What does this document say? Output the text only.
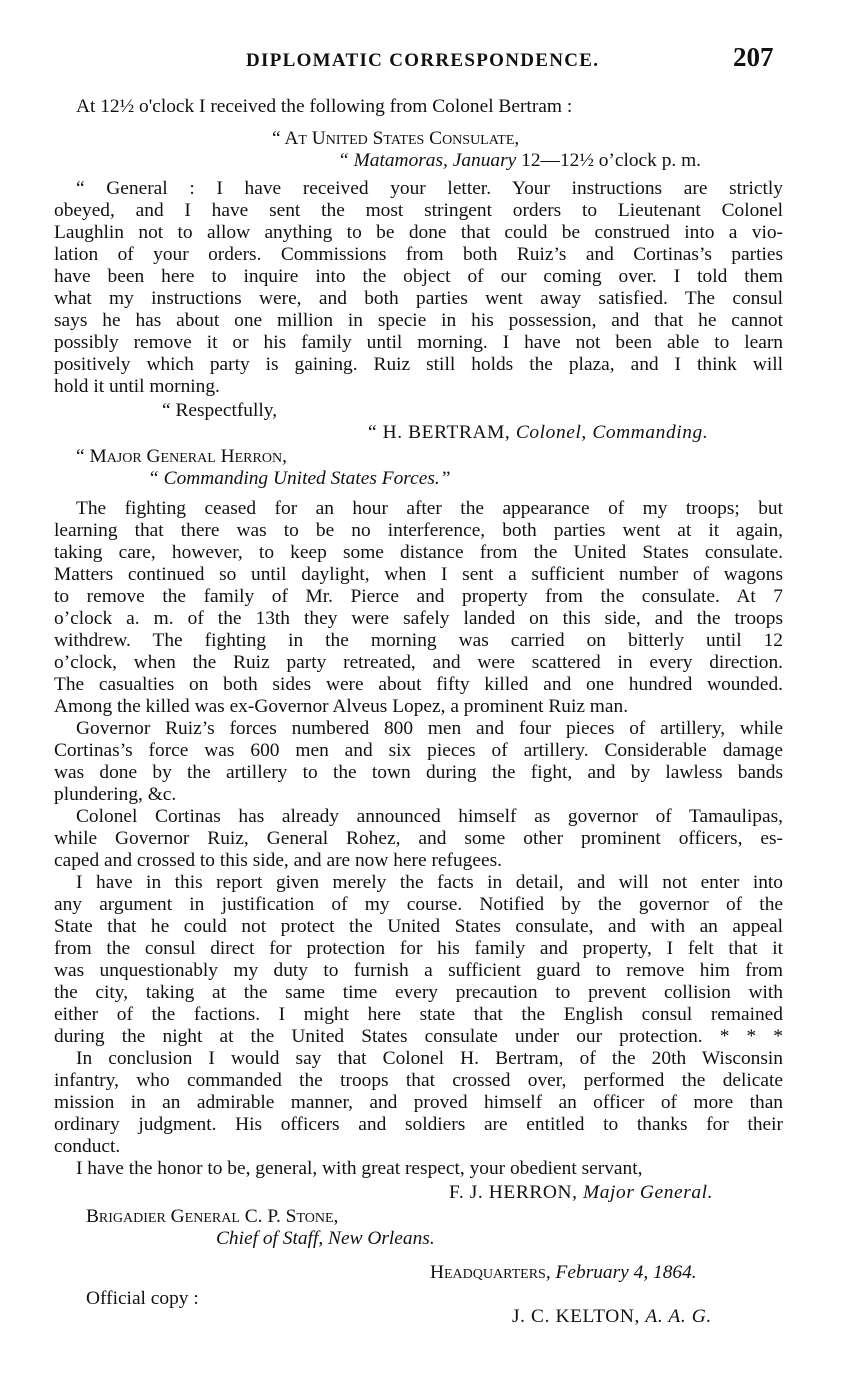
DIPLOMATIC CORRESPONDENCE.	207
At 12½ o'clock I received the following from Colonel Bertram :
“ At United States Consulate,
“ Matamoras, January 12—12½ o’clock p. m.
“ General : I have received your letter. Your instructions are strictly
obeyed, and I have sent the most stringent orders to Lieutenant Colonel
Laughlin not to allow anything to be done that could be construed into a vio-
lation of your orders. Commissions from both Ruiz’s and Cortinas’s parties
have been here to inquire into the object of our coming over. I told them
what my instructions were, and both parties went away satisfied. The consul
says he has about one million in specie in his possession, and that he cannot
possibly remove it or his family until morning. I have not been able to learn
positively which party is gaining. Ruiz still holds the plaza, and I think will
hold it until morning.
“ Respectfully,
“ H. BERTRAM, Colonel, Commanding.
“ Major General Herron,
“ Commanding United States Forces.”
The fighting ceased for an hour after the appearance of my troops; but
learning that there was to be no interference, both parties went at it again,
taking care, however, to keep some distance from the United States consulate.
Matters continued so until daylight, when I sent a sufficient number of wagons
to remove the family of Mr. Pierce and property from the consulate. At 7
o’clock a. m. of the 13th they were safely landed on this side, and the troops
withdrew. The fighting in the morning was carried on bitterly until 12
o’clock, when the Ruiz party retreated, and were scattered in every direction.
The casualties on both sides were about fifty killed and one hundred wounded.
Among the killed was ex-Governor Alveus Lopez, a prominent Ruiz man.
Governor Ruiz’s forces numbered 800 men and four pieces of artillery, while
Cortinas’s force was 600 men and six pieces of artillery. Considerable damage
was done by the artillery to the town during the fight, and by lawless bands
plundering, &c.
Colonel Cortinas has already announced himself as governor of Tamaulipas,
while Governor Ruiz, General Rohez, and some other prominent officers, es-
caped and crossed to this side, and are now here refugees.
I have in this report given merely the facts in detail, and will not enter into
any argument in justification of my course. Notified by the governor of the
State that he could not protect the United States consulate, and with an appeal
from the consul direct for protection for his family and property, I felt that it
was unquestionably my duty to furnish a sufficient guard to remove him from
the city, taking at the same time every precaution to prevent collision with
either of the factions. I might here state that the English consul remained
during the night at the United States consulate under our protection. * * *
In conclusion I would say that Colonel H. Bertram, of the 20th Wisconsin
infantry, who commanded the troops that crossed over, performed the delicate
mission in an admirable manner, and proved himself an officer of more than
ordinary judgment. His officers and soldiers are entitled to thanks for their
conduct.
I have the honor to be, general, with great respect, your obedient servant,
F. J. HERRON, Major General.
Brigadier General C. P. Stone,
Chief of Staff, New Orleans.
Headquarters, February 4, 1864.
Official copy :
J. C. KELTON, A. A. G.
